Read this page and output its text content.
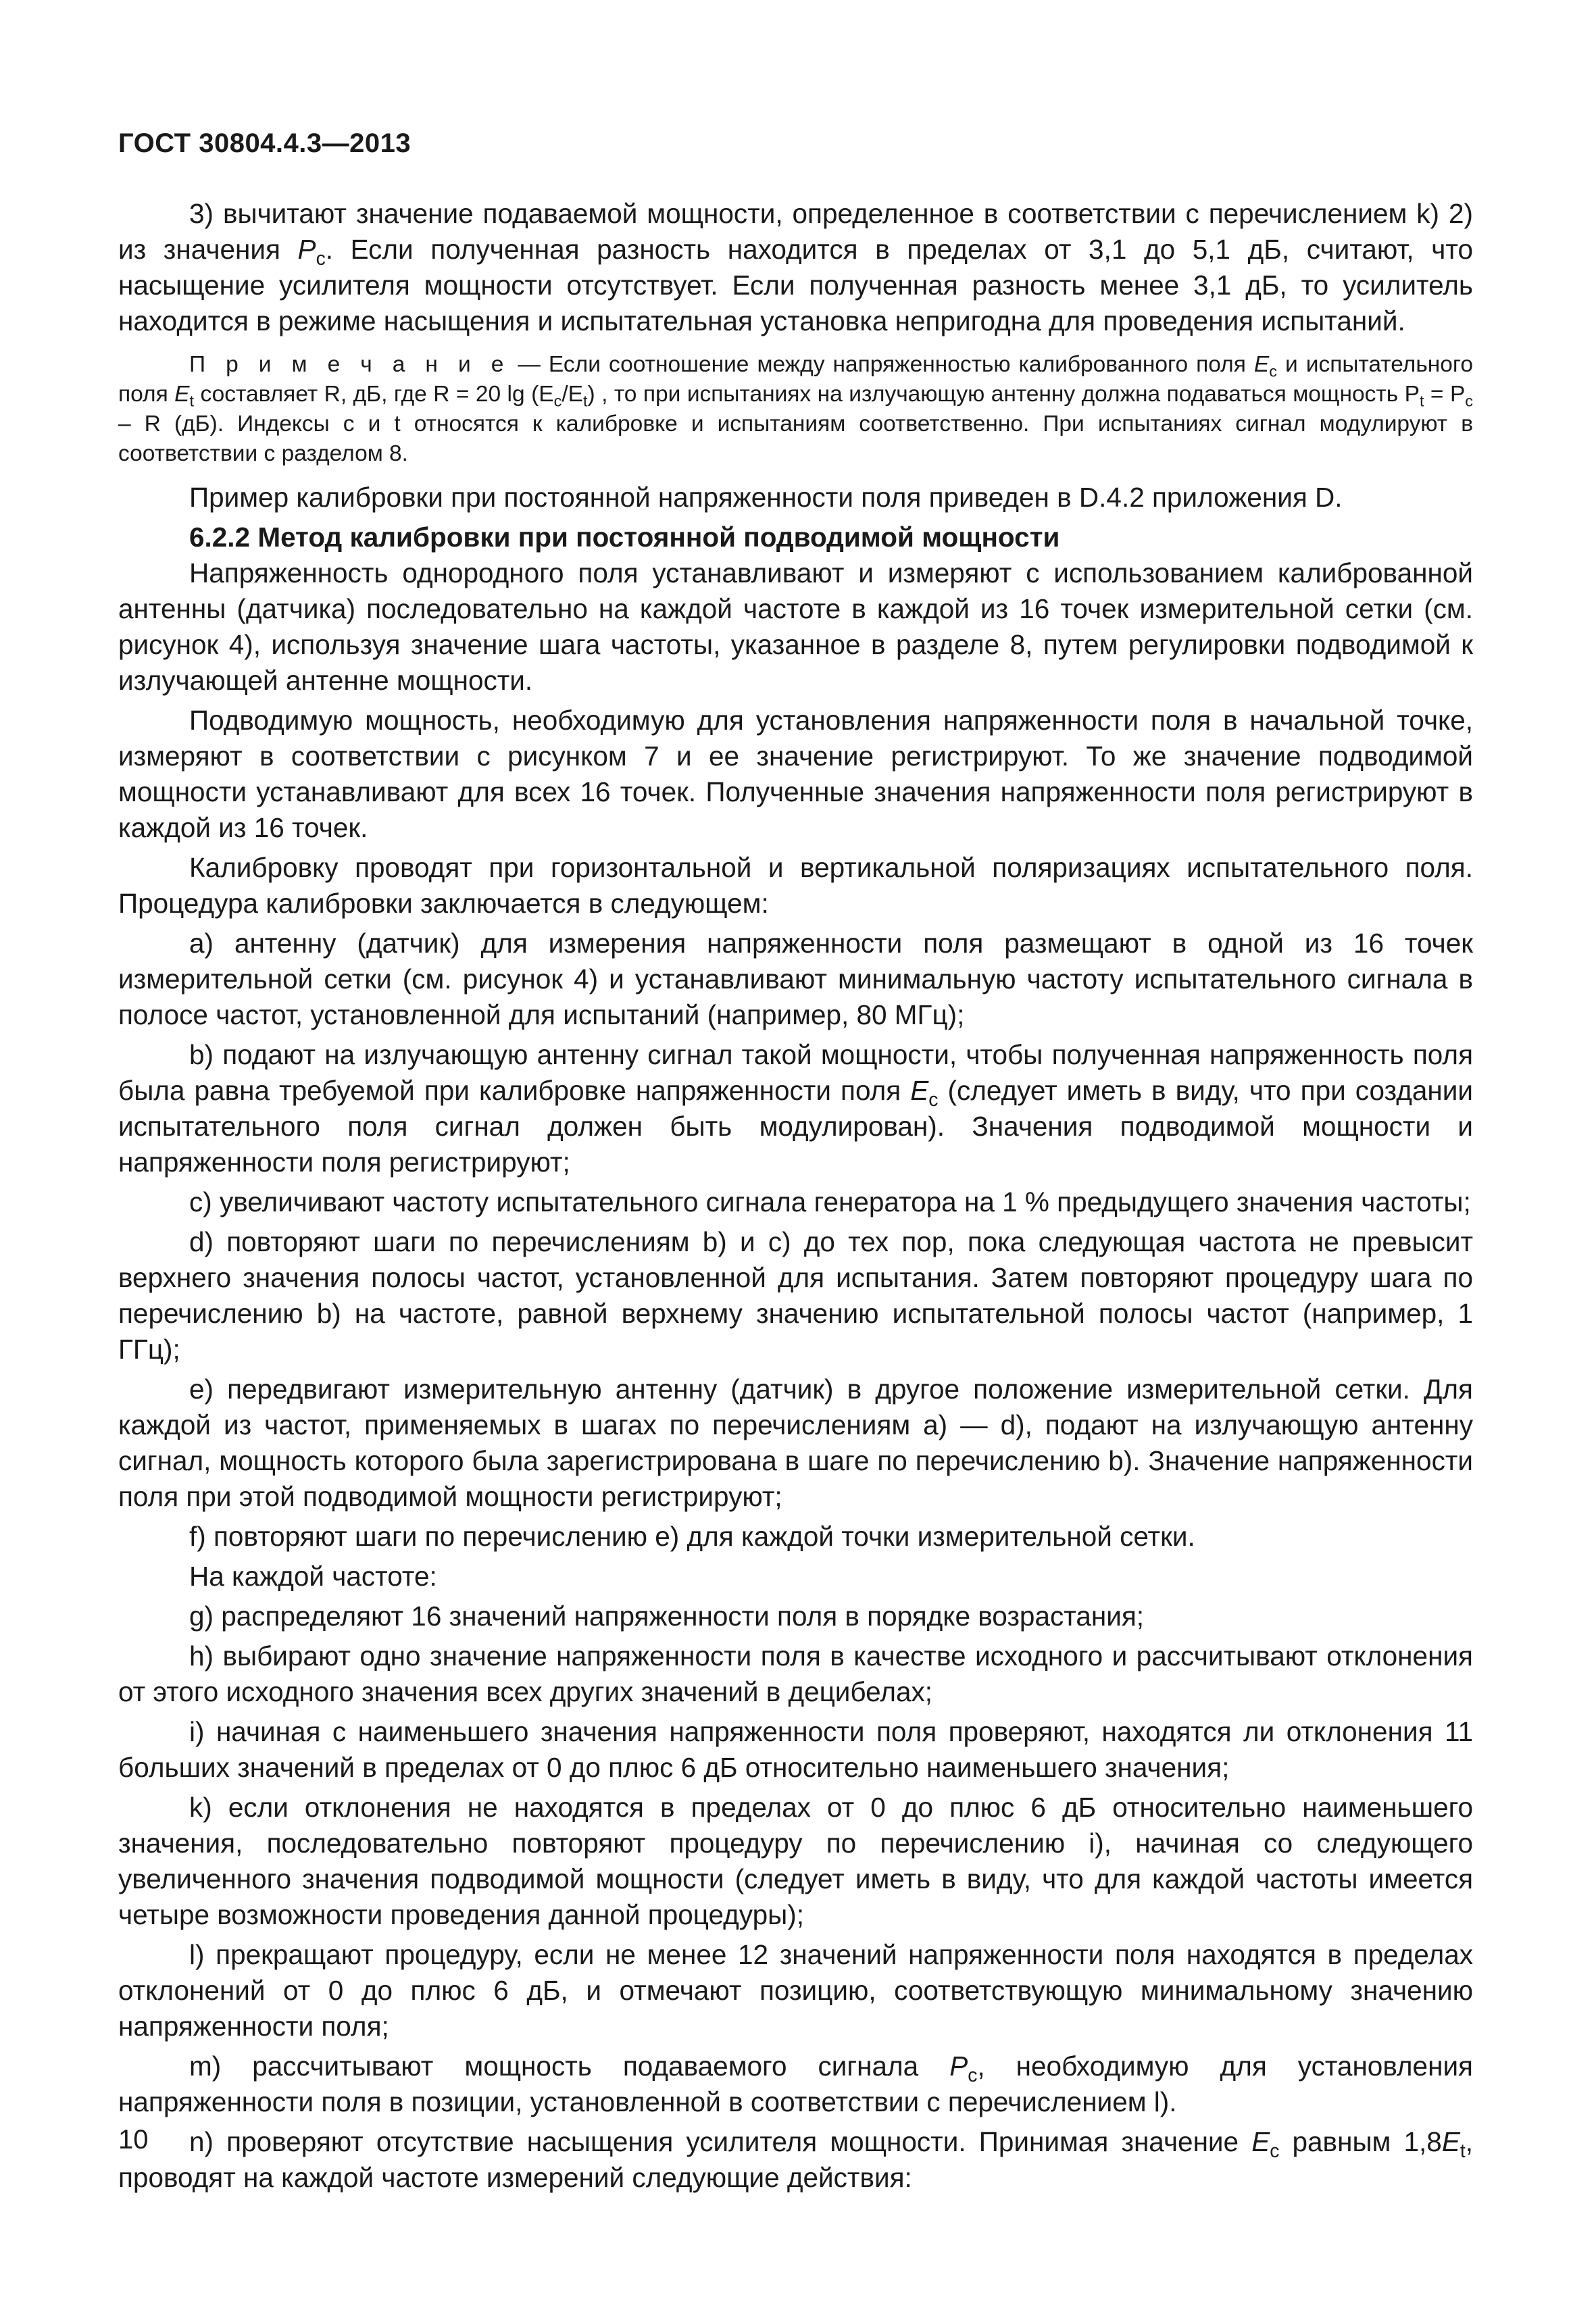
ГОСТ 30804.4.3—2013

3) вычитают значение подаваемой мощности, определенное в соответствии с перечислением k) 2) из значения $P_c$. Если полученная разность находится в пределах от 3,1 до 5,1 дБ, считают, что насыщение усилителя мощности отсутствует. Если полученная разность менее 3,1 дБ, то усилитель находится в режиме насыщения и испытательная установка непригодна для проведения испытаний.

П р и м е ч а н и е — Если соотношение между напряженностью калиброванного поля $E_c$ и испытательного поля $E_t$ составляет R, дБ, где R = 20 $\lg (E_c/E_t)$ , то при испытаниях на излучающую антенну должна подаваться мощность $P_t = P_c - R$ (дБ). Индексы c и t относятся к калибровке и испытаниям соответственно. При испытаниях сигнал модулируют в соответствии с разделом 8.

Пример калибровки при постоянной напряженности поля приведен в D.4.2 приложения D.

6.2.2 Метод калибровки при постоянной подводимой мощности

Напряженность однородного поля устанавливают и измеряют с использованием калиброванной антенны (датчика) последовательно на каждой частоте в каждой из 16 точек измерительной сетки (см. рисунок 4), используя значение шага частоты, указанное в разделе 8, путем регулировки подводимой к излучающей антенне мощности.

Подводимую мощность, необходимую для установления напряженности поля в начальной точке, измеряют в соответствии с рисунком 7 и ее значение регистрируют. То же значение подводимой мощности устанавливают для всех 16 точек. Полученные значения напряженности поля регистрируют в каждой из 16 точек.

Калибровку проводят при горизонтальной и вертикальной поляризациях испытательного поля. Процедура калибровки заключается в следующем:

a) антенну (датчик) для измерения напряженности поля размещают в одной из 16 точек измерительной сетки (см. рисунок 4) и устанавливают минимальную частоту испытательного сигнала в полосе частот, установленной для испытаний (например, 80 МГц);

b) подают на излучающую антенну сигнал такой мощности, чтобы полученная напряженность поля была равна требуемой при калибровке напряженности поля $E_c$ (следует иметь в виду, что при создании испытательного поля сигнал должен быть модулирован). Значения подводимой мощности и напряженности поля регистрируют;

c) увеличивают частоту испытательного сигнала генератора на 1 % предыдущего значения частоты;

d) повторяют шаги по перечислениям b) и c) до тех пор, пока следующая частота не превысит верхнего значения полосы частот, установленной для испытания. Затем повторяют процедуру шага по перечислению b) на частоте, равной верхнему значению испытательной полосы частот (например, 1 ГГц);

e) передвигают измерительную антенну (датчик) в другое положение измерительной сетки. Для каждой из частот, применяемых в шагах по перечислениям a) — d), подают на излучающую антенну сигнал, мощность которого была зарегистрирована в шаге по перечислению b). Значение напряженности поля при этой подводимой мощности регистрируют;

f) повторяют шаги по перечислению e) для каждой точки измерительной сетки.

На каждой частоте:

g) распределяют 16 значений напряженности поля в порядке возрастания;

h) выбирают одно значение напряженности поля в качестве исходного и рассчитывают отклонения от этого исходного значения всех других значений в децибелах;

i) начиная с наименьшего значения напряженности поля проверяют, находятся ли отклонения 11 больших значений в пределах от 0 до плюс 6 дБ относительно наименьшего значения;

k) если отклонения не находятся в пределах от 0 до плюс 6 дБ относительно наименьшего значения, последовательно повторяют процедуру по перечислению i), начиная со следующего увеличенного значения подводимой мощности (следует иметь в виду, что для каждой частоты имеется четыре возможности проведения данной процедуры);

l) прекращают процедуру, если не менее 12 значений напряженности поля находятся в пределах отклонений от 0 до плюс 6 дБ, и отмечают позицию, соответствующую минимальному значению напряженности поля;

m) рассчитывают мощность подаваемого сигнала $P_c$, необходимую для установления напряженности поля в позиции, установленной в соответствии с перечислением l).

n) проверяют отсутствие насыщения усилителя мощности. Принимая значение $E_c$ равным $1,8E_t$, проводят на каждой частоте измерений следующие действия:

10
